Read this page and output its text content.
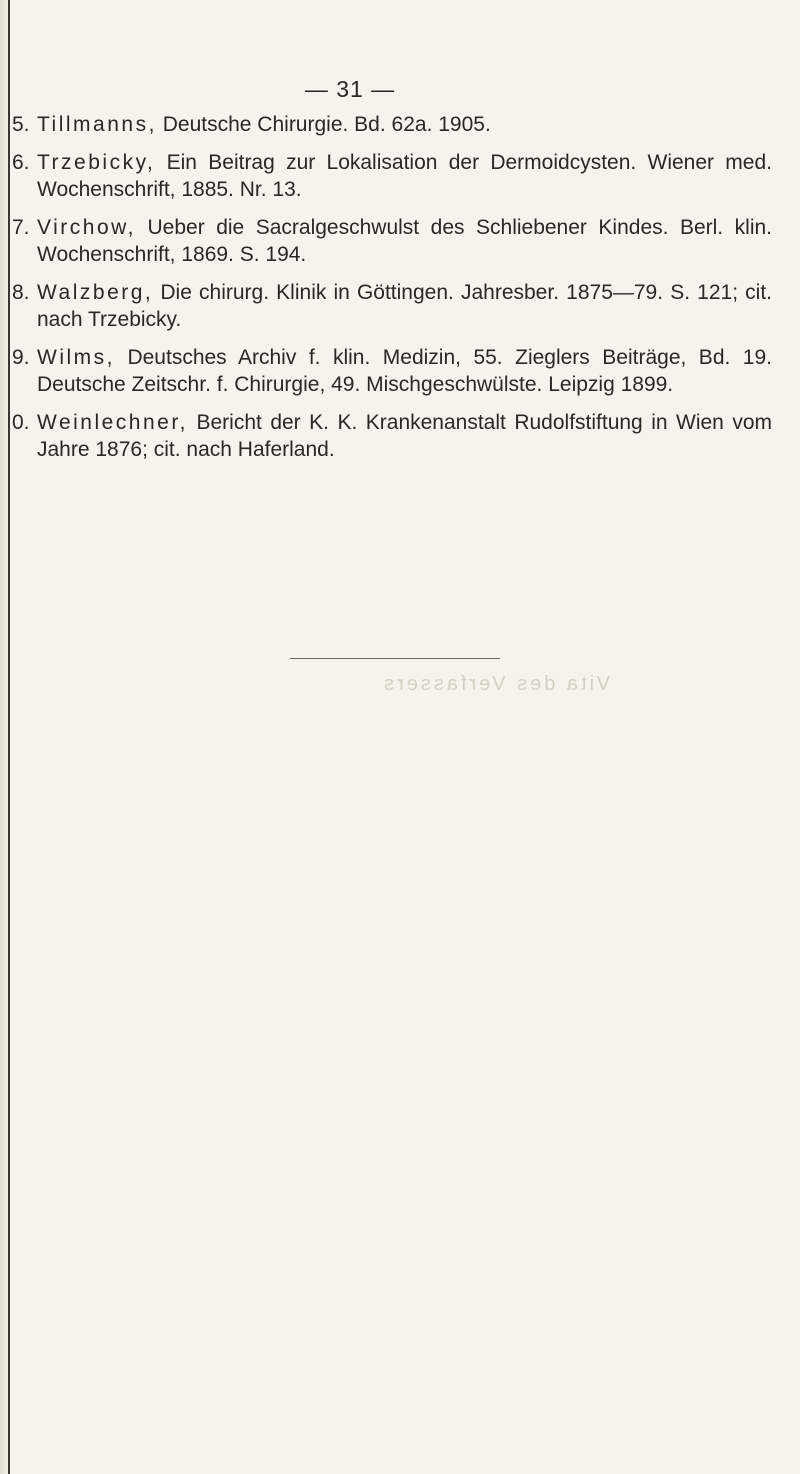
— 31 —
5. Tillmanns, Deutsche Chirurgie. Bd. 62a. 1905.
6. Trzebicky, Ein Beitrag zur Lokalisation der Dermoidcysten. Wiener med. Wochenschrift, 1885. Nr. 13.
7. Virchow, Ueber die Sacralgeschwulst des Schliebener Kindes. Berl. klin. Wochenschrift, 1869. S. 194.
8. Walzberg, Die chirurg. Klinik in Göttingen. Jahresber. 1875—79. S. 121; cit. nach Trzebicky.
9. Wilms, Deutsches Archiv f. klin. Medizin, 55. Zieglers Beiträge, Bd. 19. Deutsche Zeitschr. f. Chirurgie, 49. Mischgeschwülste. Leipzig 1899.
0. Weinlechner, Bericht der K. K. Krankenanstalt Rudolfstiftung in Wien vom Jahre 1876; cit. nach Haferland.
Vita des Verfassers
